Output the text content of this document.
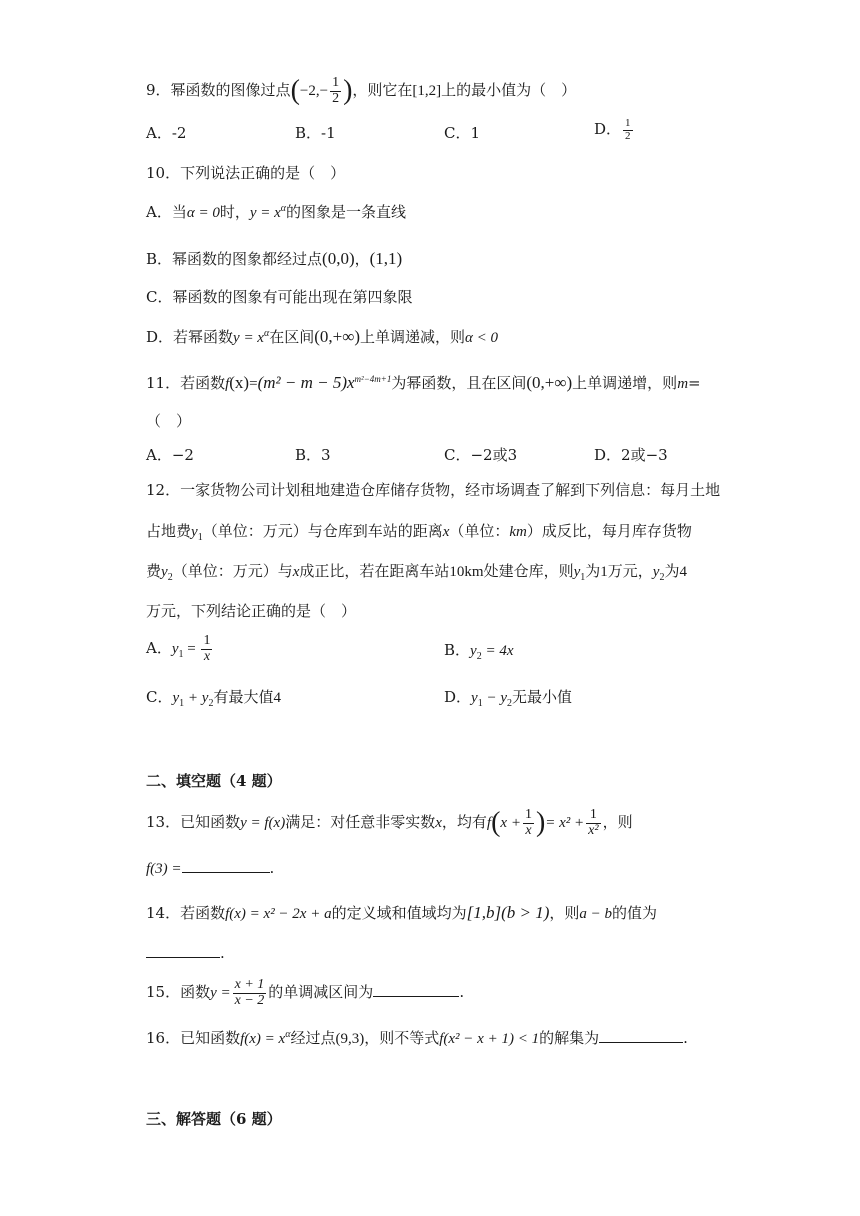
9．幂函数的图像过点($-2,- \frac{1}{2}$ )，则它在[1,2]上的最小值为（　）
A．-2	B．-1	C．1	D． $\frac{1}{2}$
10．下列说法正确的是（　）
A．当α = 0时，$y = x^\alpha$的图象是一条直线
B．幂函数的图象都经过点(0,0)，(1,1)
C．幂函数的图象有可能出现在第四象限
D．若幂函数$y = x^\alpha$在区间(0,+∞)上单调递减，则α < 0
11．若函数$f(x)=(m^2 - m - 5)x^{m^2-4m+1}$为幂函数，且在区间(0,+∞)上单调递增，则m=
（　）
A．−2	B．3	C．−2或3	D．2或−3
12．一家货物公司计划租地建造仓库储存货物，经市场调查了解到下列信息：每月土地
占地费$y_1$（单位：万元）与仓库到车站的距离x（单位：km）成反比，每月库存货物
费$y_2$（单位：万元）与x成正比，若在距离车站10km处建仓库，则$y_1$为1万元，$y_2$为4
万元，下列结论正确的是（　）
A．$y_1 = \frac{1}{x}$	B．$y_2 = 4x$
C．$y_1 + y_2$有最大值4	D．$y_1 - y_2$无最小值
二、填空题（4 题）
13．已知函数y = f(x)满足：对任意非零实数x，均有$f(x + \frac{1}{x}$ )= $x^2 + \frac{1}{\text{x²}}$ ，则
f(3) =	.
14．若函数f(x) = x² − 2x + a的定义域和值域均为[1,b](b > 1)，则a − b的值为
.
15．函数$y = \frac{x + 1}{x - 2}$ 的单调减区间为	.
16．已知函数$f(x) = x^\alpha$经过点(9,3)，则不等式f(x² − x + 1) < 1的解集为	.
三、解答题（6 题）
